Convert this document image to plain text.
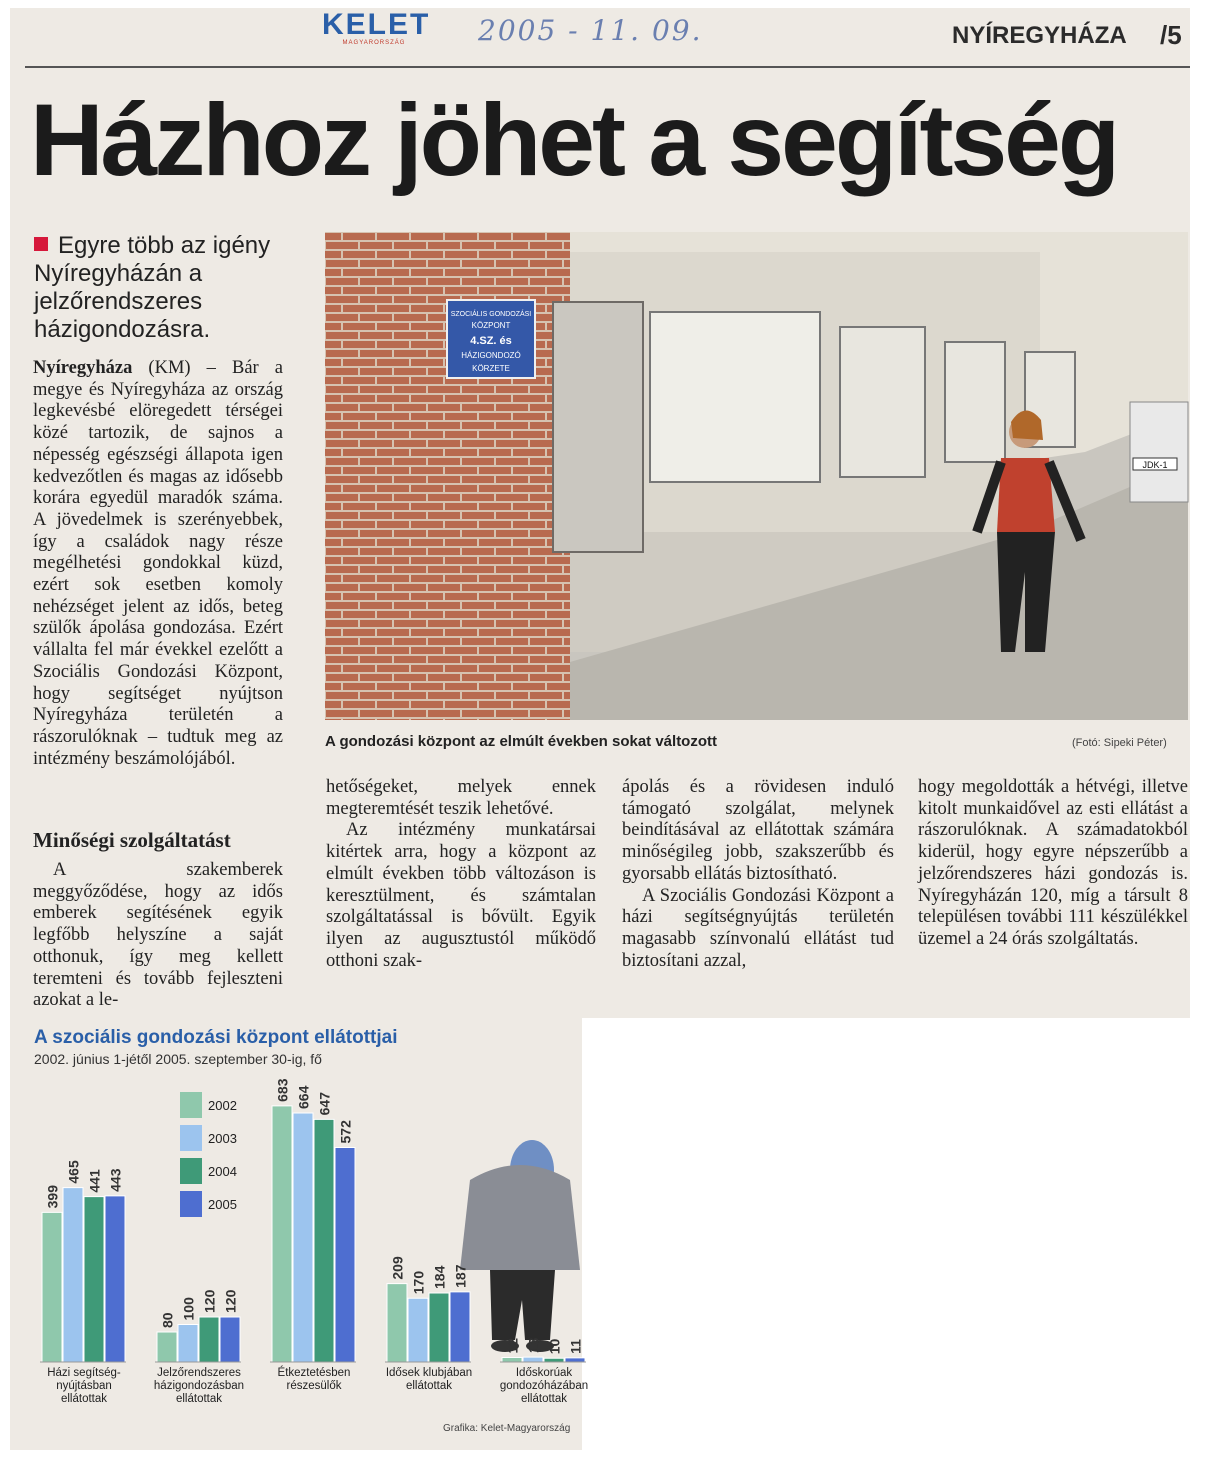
KELET
MAGYARORSZÁG	2005 - 11. 09.	NYÍREGYHÁZA /5
Házhoz jöhet a segítség
Egyre több az igény Nyíregyházán a jelzőrendszeres házigondozásra.

Nyíregyháza (KM) – Bár a megye és Nyíregyháza az ország legkevésbé elöregedett térségei közé tartozik, de sajnos a népesség egészségi állapota igen kedvezőtlen és magas az idősebb korára egyedül maradók száma. A jövedelmek is szerényebbek, így a családok nagy része megélhetési gondokkal küzd, ezért sok esetben komoly nehézséget jelent az idős, beteg szülők ápolása gondozása. Ezért vállalta fel már évekkel ezelőtt a Szociális Gondozási Központ, hogy segítséget nyújtson Nyíregyháza területén a rászorulóknak – tudtuk meg az intézmény beszámolójából.

Minőségi szolgáltatást

A szakemberek meggyőződése, hogy az idős emberek segítésének egyik legfőbb helyszíne a saját otthonuk, így meg kellett teremteni és tovább fejleszteni azokat a le-

hetőségeket, melyek ennek megteremtését teszik lehetővé.

Az intézmény munkatársai kitértek arra, hogy a központ az elmúlt években több változáson is keresztülment, és számtalan szolgáltatással is bővült. Egyik ilyen az augusztustól működő otthoni szak-

ápolás és a rövidesen induló támogató szolgálat, melynek beindításával az ellátottak számára minőségileg jobb, szakszerűbb és gyorsabb ellátás biztosítható.

A Szociális Gondozási Központ a házi segítségnyújtás területén magasabb színvonalú ellátást tud biztosítani azzal,

hogy megoldották a hétvégi, illetve kitolt munkaidővel az esti ellátást a rászorulóknak. A számadatokból kiderül, hogy egyre népszerűbb a jelzőrendszeres házi gondozás is. Nyíregyházán 120, míg a társult 8 településen további 111 készülékkel üzemel a 24 órás szolgáltatás.

SZOCIÁLIS GONDOZÁSI
KÖZPONT
4.SZ. és
HÁZIGONDOZÓ
KÖRZETE
JDK-1
A gondozási központ az elmúlt években sokat változott	(Fotó: Sipeki Péter)
A szociális gondozási központ ellátottjai
2002. június 1-jétől 2005. szeptember 30-ig, fő
399
465 441 443
Házi segítség-
nyújtásban
ellátottak
80 100 120 120
Jelzőrendszeres
házigondozásban
ellátottak
683 664 647
572
Étkeztetésben
részesülők
209
170 184 187
Idősek klubjában
ellátottak
12 13 10 11
Időskorúak
gondozóházában
ellátottak
2002
2003
2004
2005
Grafika: Kelet-Magyarország
